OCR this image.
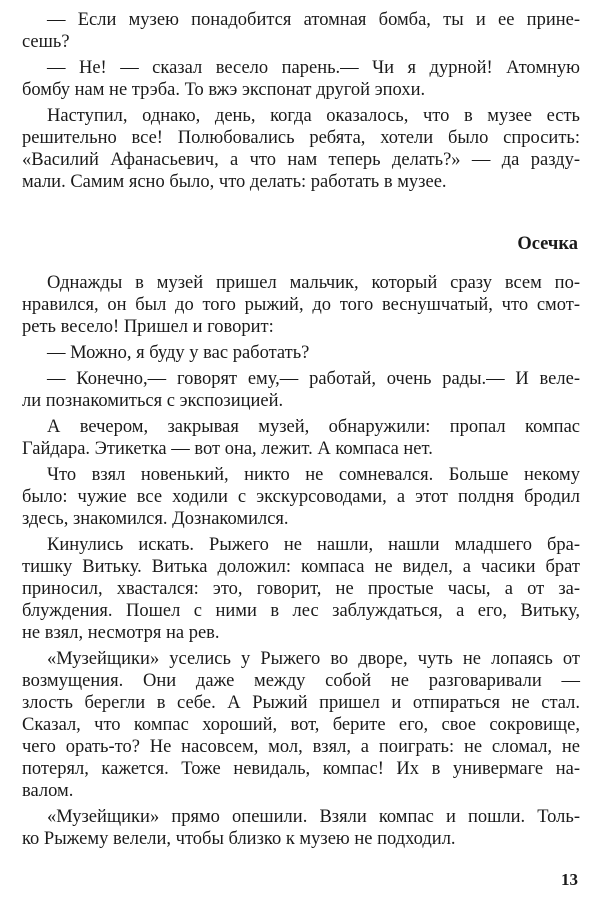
— Если музею понадобится атомная бомба, ты и ее прине-
сешь?
— Не! — сказал весело парень.— Чи я дурной! Атомную
бомбу нам не трэба. То вжэ экспонат другой эпохи.
Наступил, однако, день, когда оказалось, что в музее есть
решительно все! Полюбовались ребята, хотели было спросить:
«Василий Афанасьевич, а что нам теперь делать?» — да разду-
мали. Самим ясно было, что делать: работать в музее.
Осечка
Однажды в музей пришел мальчик, который сразу всем по-
нравился, он был до того рыжий, до того веснушчатый, что смот-
реть весело! Пришел и говорит:
— Можно, я буду у вас работать?
— Конечно,— говорят ему,— работай, очень рады.— И веле-
ли познакомиться с экспозицией.
А вечером, закрывая музей, обнаружили: пропал компас
Гайдара. Этикетка — вот она, лежит. А компаса нет.
Что взял новенький, никто не сомневался. Больше некому
было: чужие все ходили с экскурсоводами, а этот полдня бродил
здесь, знакомился. Дознакомился.
Кинулись искать. Рыжего не нашли, нашли младшего бра-
тишку Витьку. Витька доложил: компаса не видел, а часики брат
приносил, хвастался: это, говорит, не простые часы, а от за-
блуждения. Пошел с ними в лес заблуждаться, а его, Витьку,
не взял, несмотря на рев.
«Музейщики» уселись у Рыжего во дворе, чуть не лопаясь от
возмущения. Они даже между собой не разговаривали —
злость берегли в себе. А Рыжий пришел и отпираться не стал.
Сказал, что компас хороший, вот, берите его, свое сокровище,
чего орать-то? Не насовсем, мол, взял, а поиграть: не сломал, не
потерял, кажется. Тоже невидаль, компас! Их в универмаге на-
валом.
«Музейщики» прямо опешили. Взяли компас и пошли. Толь-
ко Рыжему велели, чтобы близко к музею не подходил.
13
